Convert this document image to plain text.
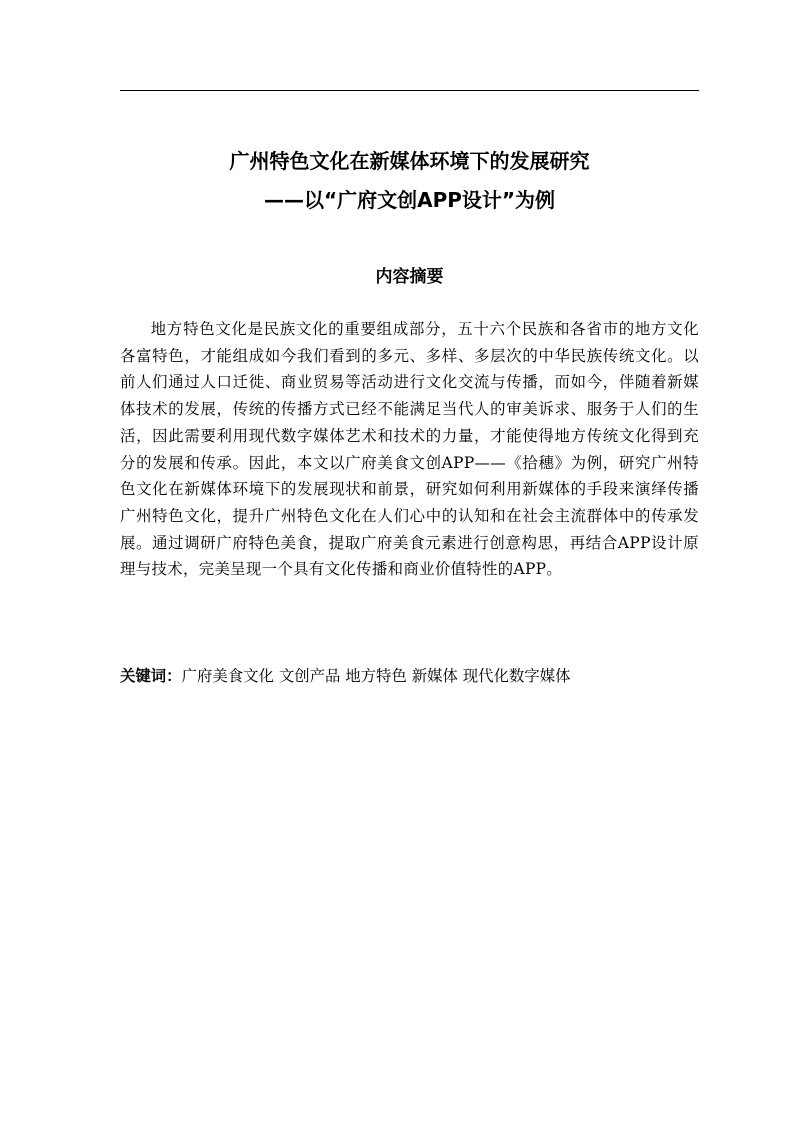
广州特色文化在新媒体环境下的发展研究
——以“广府文创APP设计”为例
内容摘要

地方特色文化是民族文化的重要组成部分，五十六个民族和各省市的地方文化各富特色，才能组成如今我们看到的多元、多样、多层次的中华民族传统文化。以前人们通过人口迁徙、商业贸易等活动进行文化交流与传播，而如今，伴随着新媒体技术的发展，传统的传播方式已经不能满足当代人的审美诉求、服务于人们的生活，因此需要利用现代数字媒体艺术和技术的力量，才能使得地方传统文化得到充分的发展和传承。因此，本文以广府美食文创APP——《拾穗》为例，研究广州特色文化在新媒体环境下的发展现状和前景，研究如何利用新媒体的手段来演绎传播广州特色文化，提升广州特色文化在人们心中的认知和在社会主流群体中的传承发展。通过调研广府特色美食，提取广府美食元素进行创意构思，再结合APP设计原理与技术，完美呈现一个具有文化传播和商业价值特性的APP。

关键词：广府美食文化 文创产品 地方特色 新媒体 现代化数字媒体
